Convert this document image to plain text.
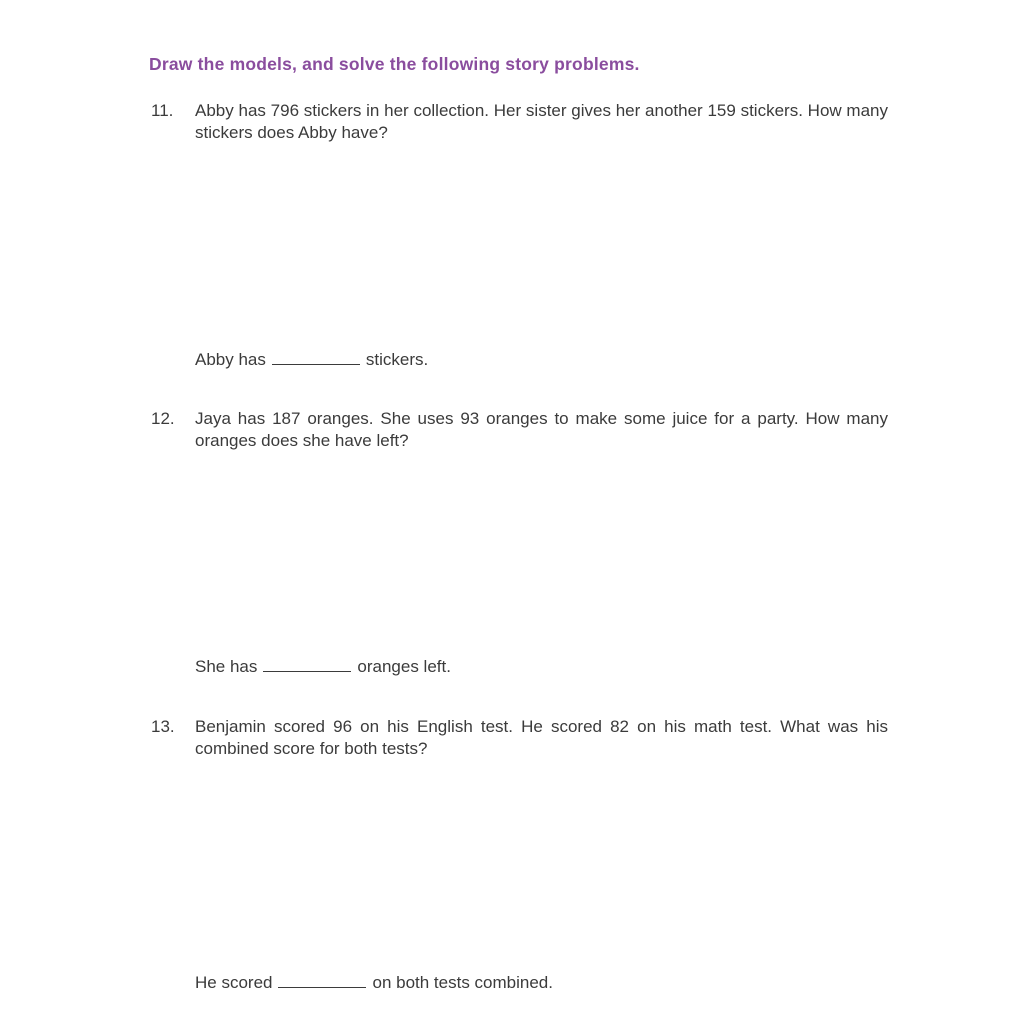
Draw the models, and solve the following story problems.
11.	Abby has 796 stickers in her collection. Her sister gives her another 159 stickers. How many stickers does Abby have?
Abby has	stickers.
12.	Jaya has 187 oranges. She uses 93 oranges to make some juice for a party. How many oranges does she have left?
She has	oranges left.
13.	Benjamin scored 96 on his English test. He scored 82 on his math test. What was his combined score for both tests?
He scored	on both tests combined.
